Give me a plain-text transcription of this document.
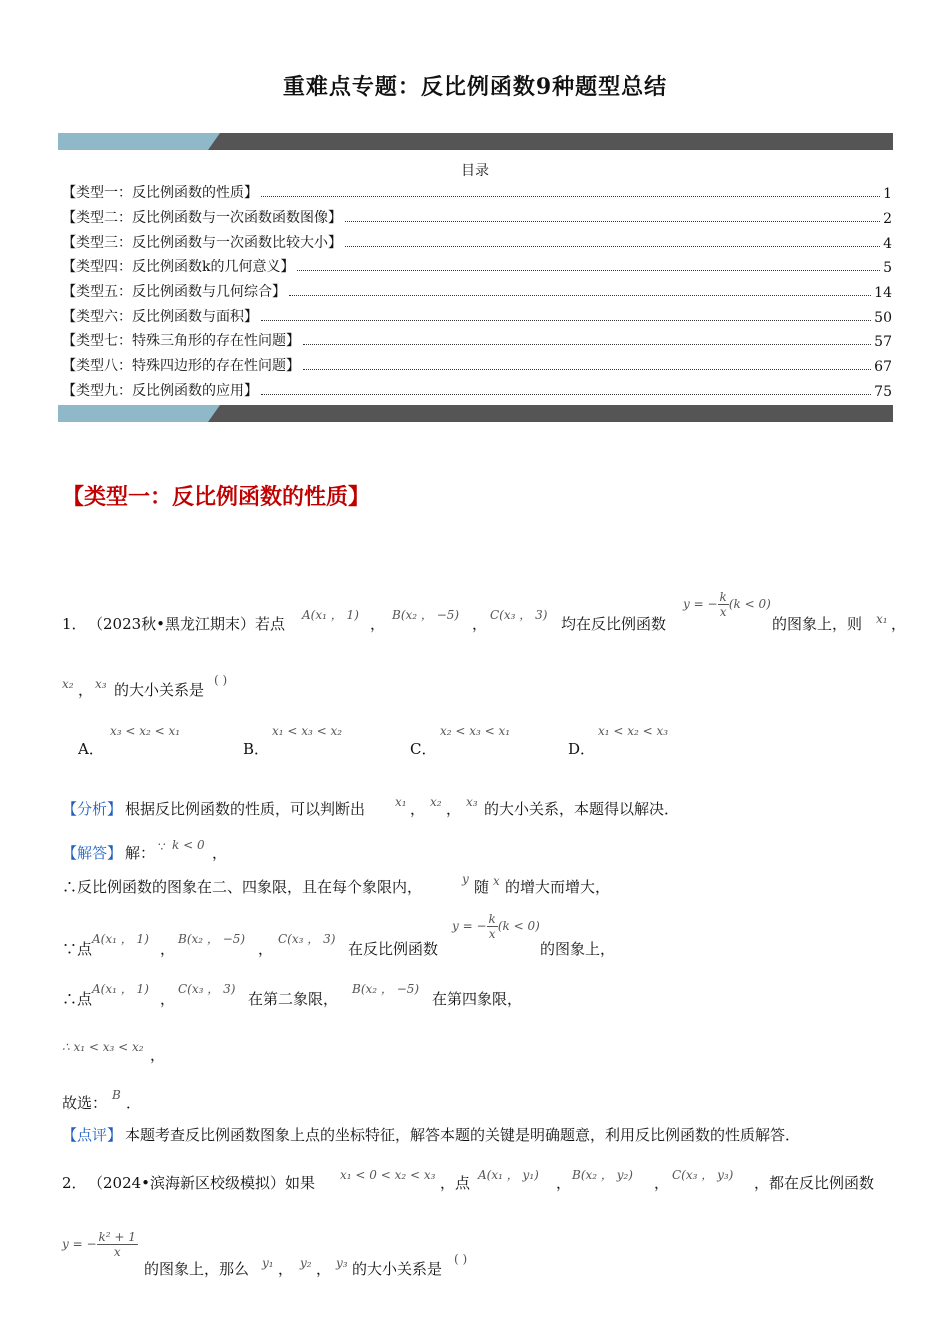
重难点专题：反比例函数9种题型总结
目录
【类型一：反比例函数的性质】	1
【类型二：反比例函数与一次函数函数图像】	2
【类型三：反比例函数与一次函数比较大小】	4
【类型四：反比例函数k的几何意义】	5
【类型五：反比例函数与几何综合】	14
【类型六：反比例函数与面积】	50
【类型七：特殊三角形的存在性问题】	57
【类型八：特殊四边形的存在性问题】	67
【类型九：反比例函数的应用】	75
【类型一：反比例函数的性质】
1． （2023秋•黑龙江期末）若点 A(x₁ ， 1) ， B(x₂ ， −5) ， C(x₃ ， 3) 均在反比例函数
y = − $\frac{k}{x} (k < 0)$
的图象上，则 x₁ ，
x₂ ， x₃ 的大小关系是
( )
A．
x₃ < x₂ < x₁
B．
x₁ < x₃ < x₂
C．
x₂ < x₃ < x₁
D．
x₁ < x₂ < x₃
【分析】 根据反比例函数的性质，可以判断出 x₁ ， x₂ ， x₃ 的大小关系，本题得以解决．
【解答】 解： ∵ k < 0 ，
∴反比例函数的图象在二、四象限，且在每个象限内，	y 随 x 的增大而增大，
∵点
A(x₁ ， 1)
，
B(x₂ ， −5)
，
C(x₃ ， 3)
在反比例函数
y = − $\frac{k}{x} (k < 0)$
的图象上，
∴点
A(x₁ ， 1)
，
C(x₃ ， 3)
在第二象限，
B(x₂ ， −5)
在第四象限，
∴ x₁ < x₃ < x₂ ，
故选： B ．
【点评】 本题考查反比例函数图象上点的坐标特征，解答本题的关键是明确题意，利用反比例函数的性质解答．
2． （2024•滨海新区校级模拟）如果 x₁ < 0 < x₂ < x₃ ，点 A(x₁ ， y₁) ， B(x₂ ， y₂) ， C(x₃ ， y₃) ，都在反比例函数
y = − $\frac{\text{k² + 1}}{x}$
的图象上，那么 y₁ ， y₂ ， y₃ 的大小关系是
( )
